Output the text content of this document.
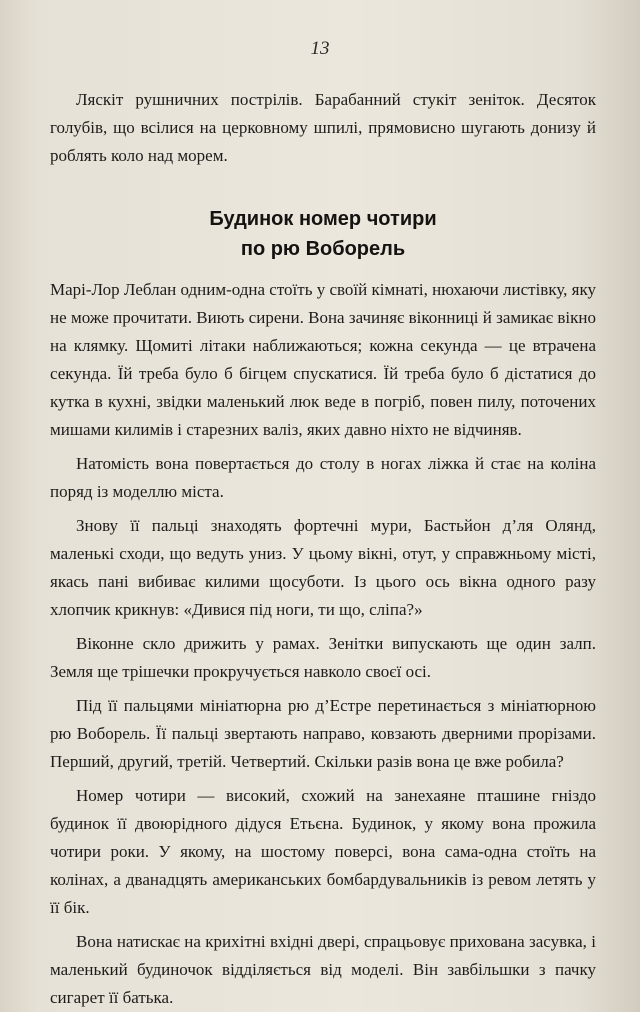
13

Ляскіт рушничних пострілів. Барабанний стукіт зеніток. Десяток голубів, що всілися на церковному шпилі, прямовисно шугають донизу й роблять коло над морем.

Будинок номер чотири
по рю Воборель

Марі-Лор Леблан одним-одна стоїть у своїй кімнаті, нюхаючи листівку, яку не може прочитати. Виють сирени. Вона зачиняє віконниці й замикає вікно на клямку. Щомиті літаки наближаються; кожна секунда — це втрачена секунда. Їй треба було б бігцем спускатися. Їй треба було б дістатися до кутка в кухні, звідки маленький люк веде в погріб, повен пилу, поточених мишами килимів і старезних валіз, яких давно ніхто не відчиняв.

Натомість вона повертається до столу в ногах ліжка й стає на коліна поряд із моделлю міста.

Знову її пальці знаходять фортечні мури, Бастьйон д’ля Олянд, маленькі сходи, що ведуть униз. У цьому вікні, отут, у справжньому місті, якась пані вибиває килими щосуботи. Із цього ось вікна одного разу хлопчик крикнув: «Дивися під ноги, ти що, сліпа?»

Віконне скло дрижить у рамах. Зенітки випускають ще один залп. Земля ще трішечки прокручується навколо своєї осі.

Під її пальцями мініатюрна рю д’Естре перетинається з мініатюрною рю Воборель. Її пальці звертають направо, ковзають дверними прорізами. Перший, другий, третій. Четвертий. Скільки разів вона це вже робила?

Номер чотири — високий, схожий на занехаяне пташине гніздо будинок її двоюрідного дідуся Етьєна. Будинок, у якому вона прожила чотири роки. У якому, на шостому поверсі, вона сама-одна стоїть на колінах, а дванадцять американських бомбардувальників із ревом летять у її бік.

Вона натискає на крихітні вхідні двері, спрацьовує прихована засувка, і маленький будиночок відділяється від моделі. Він завбільшки з пачку сигарет її батька.
